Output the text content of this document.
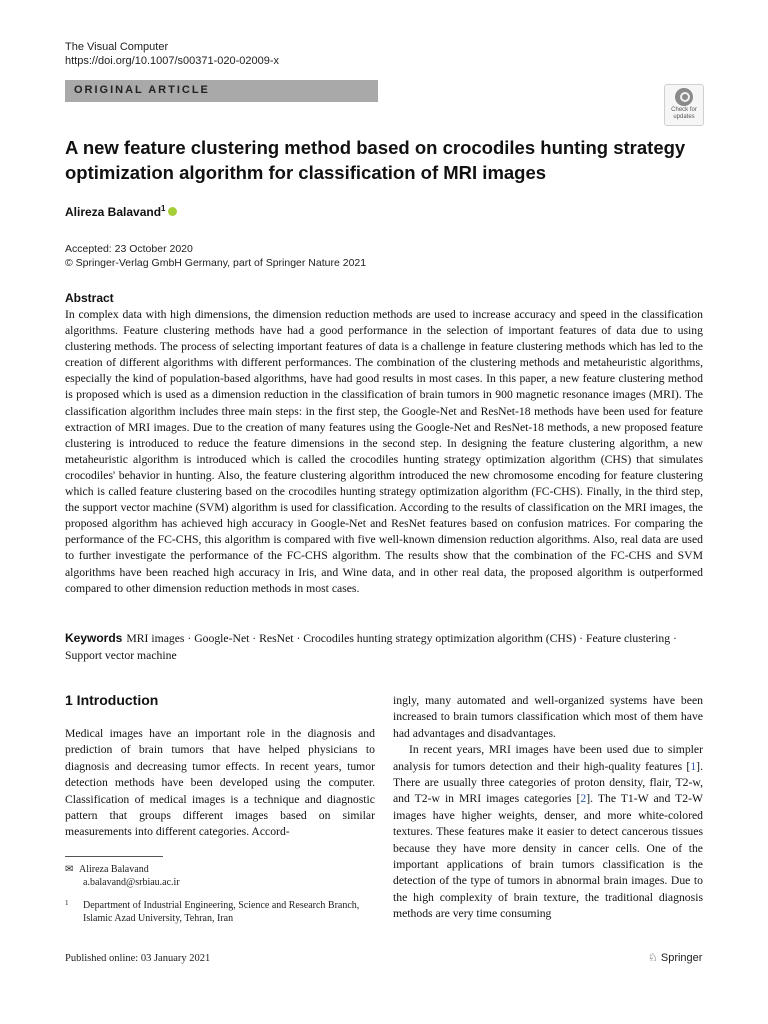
The Visual Computer
https://doi.org/10.1007/s00371-020-02009-x
ORIGINAL ARTICLE
Check for
updates
A new feature clustering method based on crocodiles hunting strategy optimization algorithm for classification of MRI images
Alireza Balavand$^1$
Accepted: 23 October 2020
© Springer-Verlag GmbH Germany, part of Springer Nature 2021
Abstract

In complex data with high dimensions, the dimension reduction methods are used to increase accuracy and speed in the classification algorithms. Feature clustering methods have had a good performance in the selection of important features of data due to using clustering methods. The process of selecting important features of data is a challenge in feature clustering methods which has led to the creation of different algorithms with different performances. The combination of the clustering methods and metaheuristic algorithms, especially the kind of population-based algorithms, have had good results in most cases. In this paper, a new feature clustering method is proposed which is used as a dimension reduction in the classification of brain tumors in 900 magnetic resonance images (MRI). The classification algorithm includes three main steps: in the first step, the Google-Net and ResNet-18 methods have been used for feature extraction of MRI images. Due to the creation of many features using the Google-Net and ResNet-18 methods, a new proposed feature clustering is introduced to reduce the feature dimensions in the second step. In designing the feature clustering algorithm, a new metaheuristic algorithm is introduced which is called the crocodiles hunting strategy optimization algorithm (CHS) that simulates crocodiles' behavior in hunting. Also, the feature clustering algorithm introduced the new chromosome encoding for feature clustering which is called feature clustering based on the crocodiles hunting strategy optimization algorithm (FC-CHS). Finally, in the third step, the support vector machine (SVM) algorithm is used for classification. According to the results of classification on the MRI images, the proposed algorithm has achieved high accuracy in Google-Net and ResNet features based on confusion matrices. For comparing the performance of the FC-CHS, this algorithm is compared with five well-known dimension reduction algorithms. Also, real data are used to further investigate the performance of the FC-CHS algorithm. The results show that the combination of the FC-CHS and SVM algorithms have been reached high accuracy in Iris, and Wine data, and in other real data, the proposed algorithm is outperformed compared to other dimension reduction methods in most cases.

Keywords MRI images · Google-Net · ResNet · Crocodiles hunting strategy optimization algorithm (CHS) · Feature clustering · Support vector machine
1 Introduction

Medical images have an important role in the diagnosis and prediction of brain tumors that have helped physicians to diagnosis and decreasing tumor effects. In recent years, tumor detection methods have been developed using the computer. Classification of medical images is a technique and diagnostic pattern that groups different images based on similar measurements into different categories. Accord-

ingly, many automated and well-organized systems have been increased to brain tumors classification which most of them have had advantages and disadvantages.

In recent years, MRI images have been used due to simpler analysis for tumors detection and their high-quality features [1]. There are usually three categories of proton density, flair, T2-w, and T2-w in MRI images categories [2]. The T1-W and T2-W images have higher weights, denser, and more white-colored textures. These features make it easier to detect cancerous tissues because they have more density in cancer cells. One of the important applications of brain tumors classification is the detection of the type of tumors in abnormal brain images. Due to the high complexity of brain texture, the traditional diagnosis methods are very time consuming

✉ Alireza Balavand
a.balavand@srbiau.ac.ir
1	Department of Industrial Engineering, Science and Research Branch, Islamic Azad University, Tehran, Iran
Published online: 03 January 2021	♘ Springer
